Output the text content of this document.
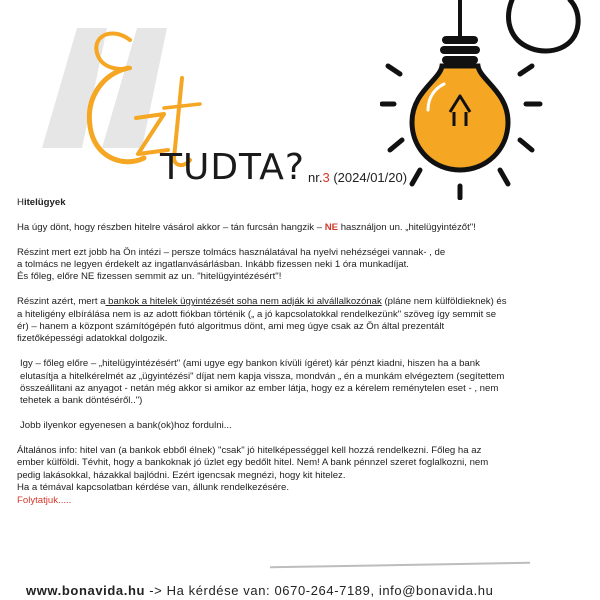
TUDTA? nr.3 (2024/01/20)

Hitelügyek

Ha úgy dönt, hogy részben hitelre vásárol akkor – tán furcsán hangzik – NE használjon un. „hitelügyintézőt"!

Részint mert ezt jobb ha Ön intézi – persze tolmács használatával ha nyelvi nehézségei vannak- , de
a tolmács ne legyen érdekelt az ingatlanvásárlásban. Inkább fizessen neki 1 óra munkadíjat.
És főleg, előre NE fizessen semmit az un. "hitelügyintézésért"!

Részint azért, mert a bankok a hitelek ügyintézését soha nem adják ki alvállalkozónak (pláne nem külföldieknek) és a hiteligény elbírálása nem is az adott fiókban történik („ a jó kapcsolatokkal rendelkezünk" szöveg így semmit se ér) – hanem a központ számítógépén futó algoritmus dönt, ami meg úgye csak az Ön által prezentált fizetőképességi adatokkal dolgozik.

Igy – főleg előre – „hitelügyintézésért" (ami ugye egy bankon kívüli ígéret) kár pénzt kiadni, hiszen ha a bank elutasítja a hitelkérelmét az „ügyintézési" díjat nem kapja vissza, mondván „ én a munkám elvégeztem (segítettem összeállitani az anyagot - netán még akkor si amikor az ember látja, hogy ez a kérelem reménytelen eset - , nem tehetek a bank döntéséről..")

Jobb ilyenkor egyenesen a bank(ok)hoz fordulni...

Általános info: hitel van (a bankok ebből élnek) "csak" jó hitelképességgel kell hozzá rendelkezni. Főleg ha az ember külföldi. Tévhit, hogy a bankoknak jó üzlet egy bedőlt hitel. Nem! A bank pénnzel szeret foglalkozni, nem pedig lakásokkal, házakkal bajlódni. Ezért igencsak megnézi, hogy kit hitelez.

Ha a témával kapcsolatban kérdése van, állunk rendelkezésére.

Folytatjuk.....

www.bonavida.hu -> Ha kérdése van: 0670-264-7189, info@bonavida.hu
